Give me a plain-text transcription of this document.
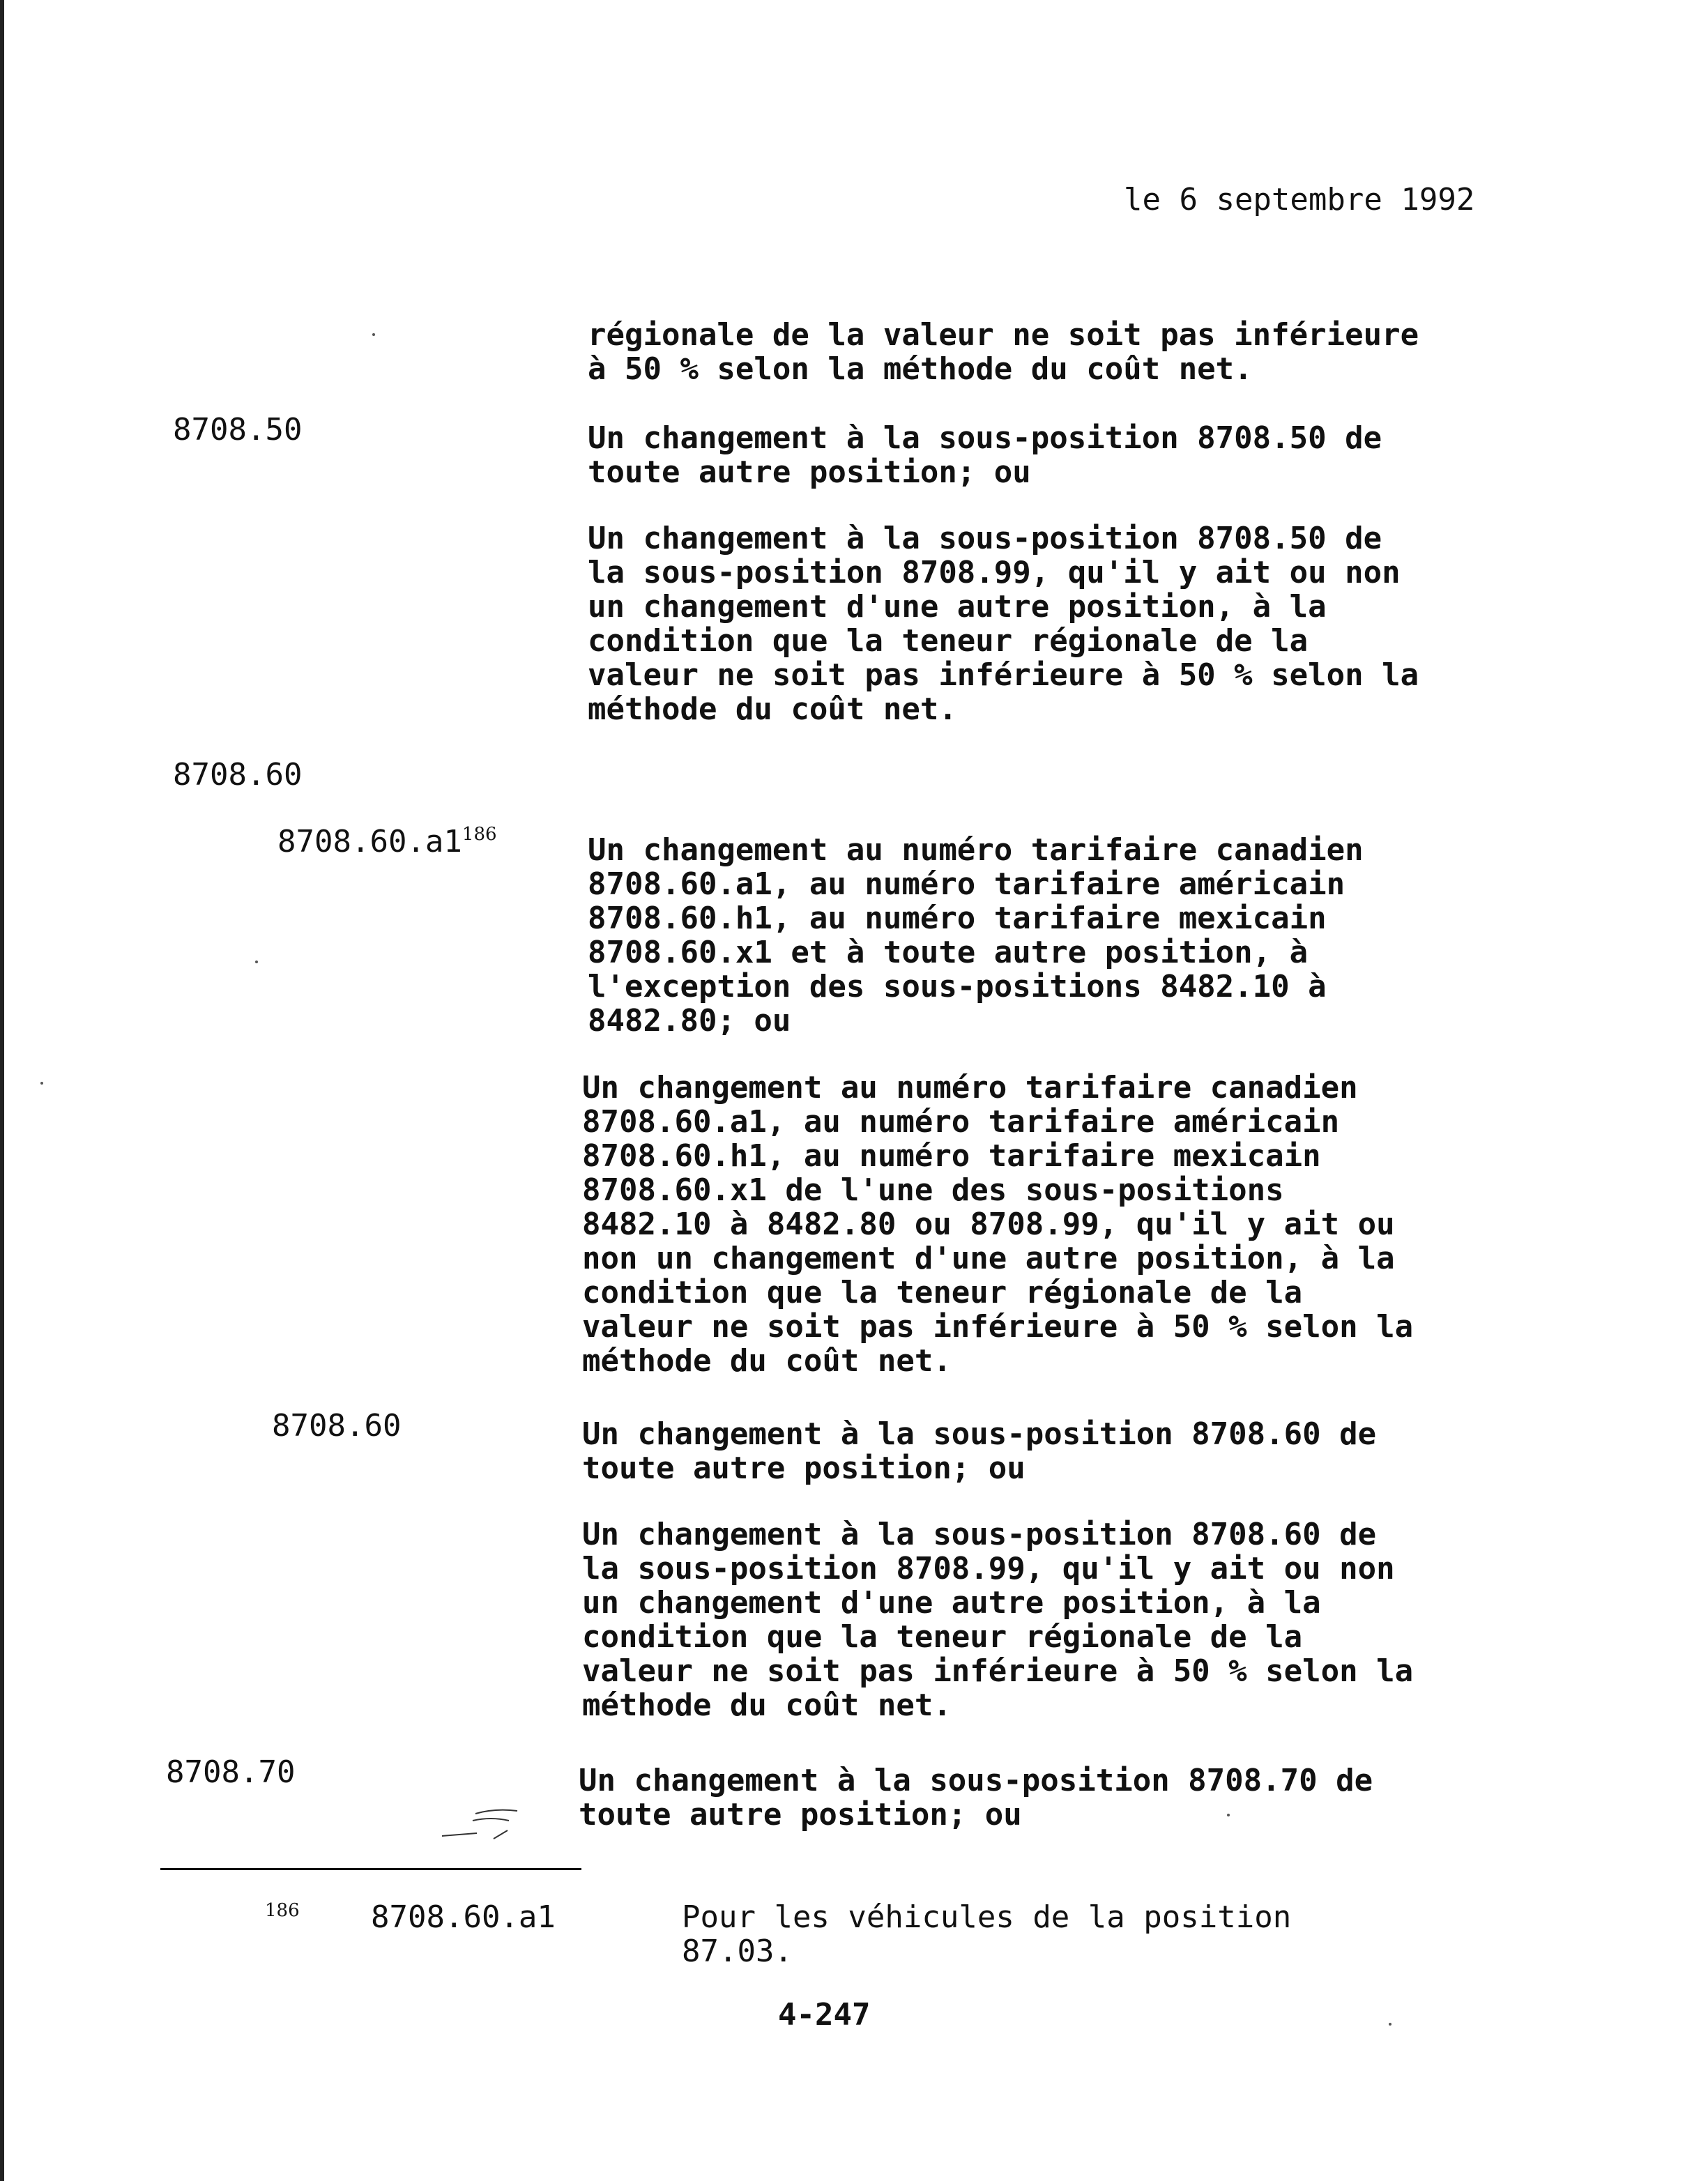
le 6 septembre 1992
régionale de la valeur ne soit pas inférieure
à 50 % selon la méthode du coût net.
8708.50	Un changement à la sous-position 8708.50 de
toute autre position; ou
Un changement à la sous-position 8708.50 de
la sous-position 8708.99, qu'il y ait ou non
un changement d'une autre position, à la
condition que la teneur régionale de la
valeur ne soit pas inférieure à 50 % selon la
méthode du coût net.
8708.60
$8708.60.a1^{186}$	Un changement au numéro tarifaire canadien
8708.60.a1, au numéro tarifaire américain
8708.60.h1, au numéro tarifaire mexicain
8708.60.x1 et à toute autre position, à
l'exception des sous-positions 8482.10 à
8482.80; ou
Un changement au numéro tarifaire canadien
8708.60.a1, au numéro tarifaire américain
8708.60.h1, au numéro tarifaire mexicain
8708.60.x1 de l'une des sous-positions
8482.10 à 8482.80 ou 8708.99, qu'il y ait ou
non un changement d'une autre position, à la
condition que la teneur régionale de la
valeur ne soit pas inférieure à 50 % selon la
méthode du coût net.
8708.60	Un changement à la sous-position 8708.60 de
toute autre position; ou
Un changement à la sous-position 8708.60 de
la sous-position 8708.99, qu'il y ait ou non
un changement d'une autre position, à la
condition que la teneur régionale de la
valeur ne soit pas inférieure à 50 % selon la
méthode du coût net.
8708.70	Un changement à la sous-position 8708.70 de
toute autre position; ou
186 8708.60.a1	Pour les véhicules de la position
87.03.
4-247
